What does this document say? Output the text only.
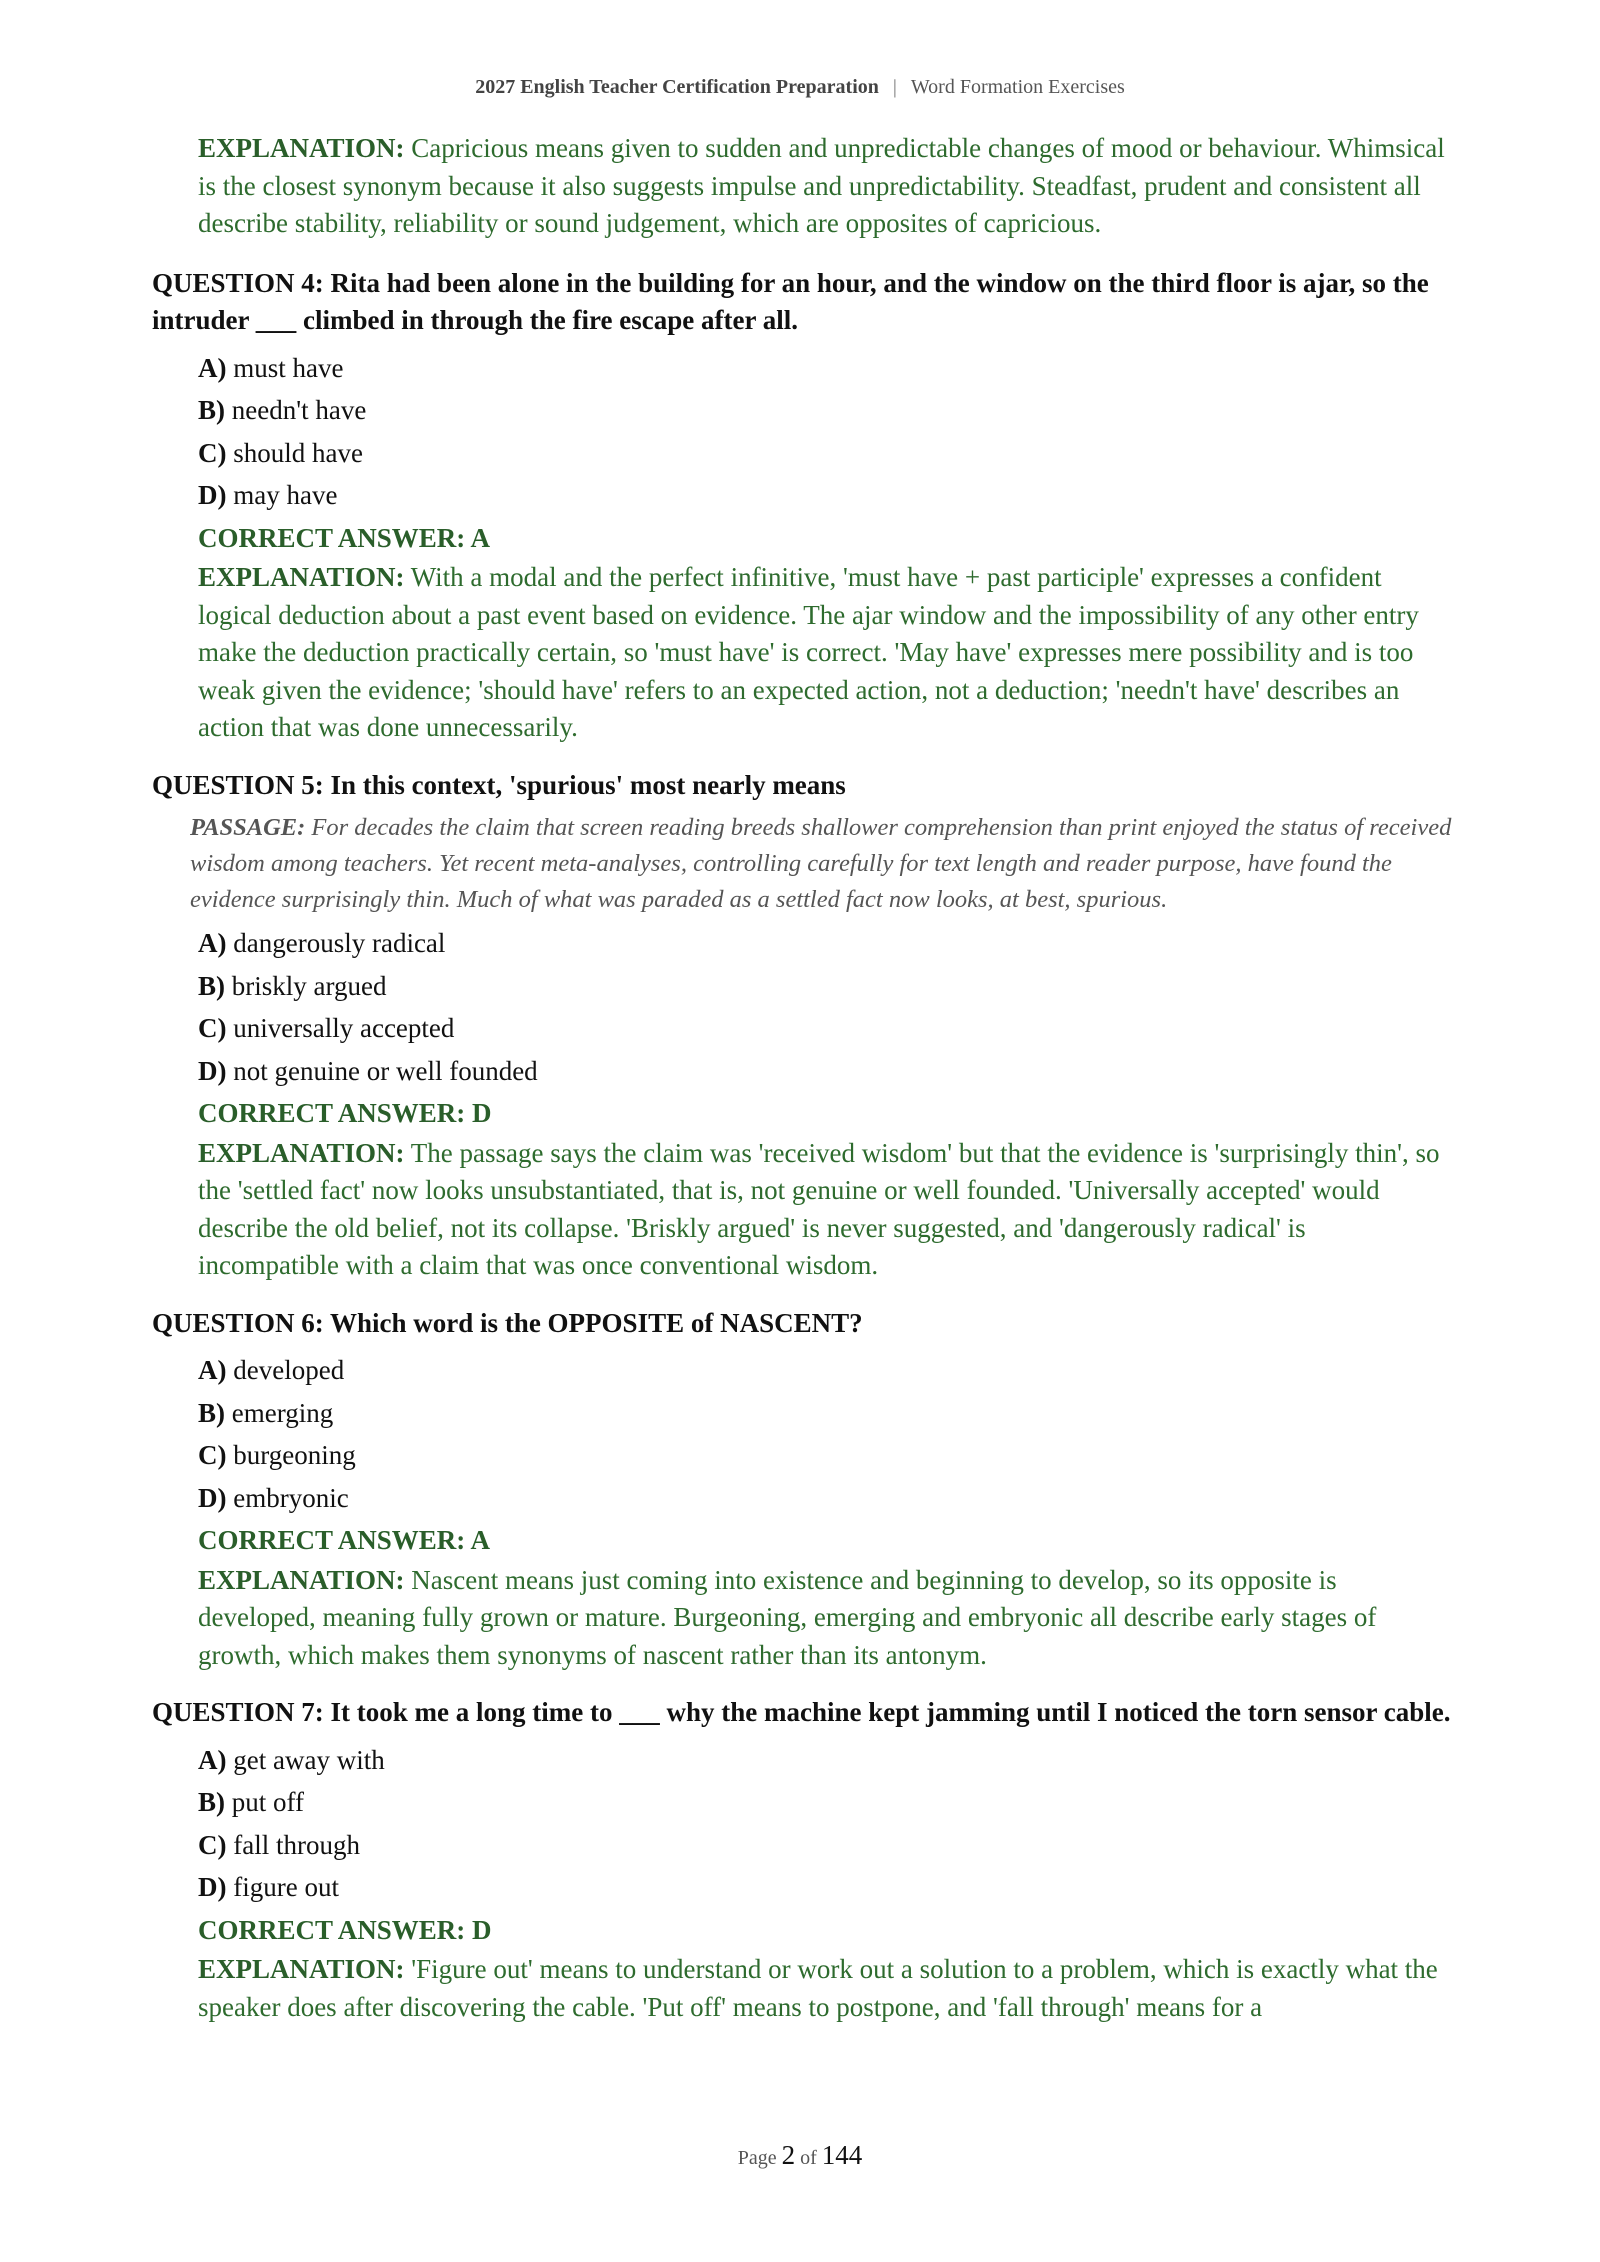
2027 English Teacher Certification Preparation | Word Formation Exercises
EXPLANATION: Capricious means given to sudden and unpredictable changes of mood or behaviour. Whimsical is the closest synonym because it also suggests impulse and unpredictability. Steadfast, prudent and consistent all describe stability, reliability or sound judgement, which are opposites of capricious.
QUESTION 4: Rita had been alone in the building for an hour, and the window on the third floor is ajar, so the intruder ___ climbed in through the fire escape after all.
A) must have
B) needn't have
C) should have
D) may have
CORRECT ANSWER: A
EXPLANATION: With a modal and the perfect infinitive, 'must have + past participle' expresses a confident logical deduction about a past event based on evidence. The ajar window and the impossibility of any other entry make the deduction practically certain, so 'must have' is correct. 'May have' expresses mere possibility and is too weak given the evidence; 'should have' refers to an expected action, not a deduction; 'needn't have' describes an action that was done unnecessarily.
QUESTION 5: In this context, 'spurious' most nearly means
PASSAGE: For decades the claim that screen reading breeds shallower comprehension than print enjoyed the status of received wisdom among teachers. Yet recent meta-analyses, controlling carefully for text length and reader purpose, have found the evidence surprisingly thin. Much of what was paraded as a settled fact now looks, at best, spurious.
A) dangerously radical
B) briskly argued
C) universally accepted
D) not genuine or well founded
CORRECT ANSWER: D
EXPLANATION: The passage says the claim was 'received wisdom' but that the evidence is 'surprisingly thin', so the 'settled fact' now looks unsubstantiated, that is, not genuine or well founded. 'Universally accepted' would describe the old belief, not its collapse. 'Briskly argued' is never suggested, and 'dangerously radical' is incompatible with a claim that was once conventional wisdom.
QUESTION 6: Which word is the OPPOSITE of NASCENT?
A) developed
B) emerging
C) burgeoning
D) embryonic
CORRECT ANSWER: A
EXPLANATION: Nascent means just coming into existence and beginning to develop, so its opposite is developed, meaning fully grown or mature. Burgeoning, emerging and embryonic all describe early stages of growth, which makes them synonyms of nascent rather than its antonym.
QUESTION 7: It took me a long time to ___ why the machine kept jamming until I noticed the torn sensor cable.
A) get away with
B) put off
C) fall through
D) figure out
CORRECT ANSWER: D
EXPLANATION: 'Figure out' means to understand or work out a solution to a problem, which is exactly what the speaker does after discovering the cable. 'Put off' means to postpone, and 'fall through' means for a
Page 2 of 144
